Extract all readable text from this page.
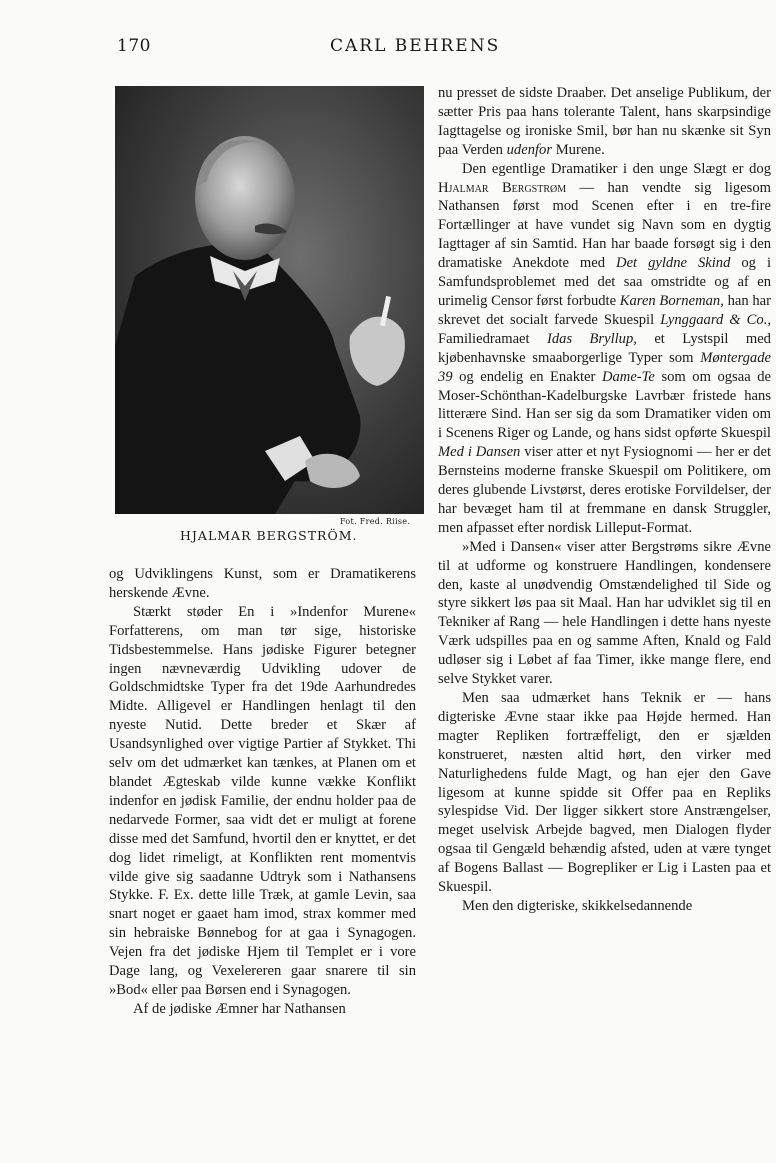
170	CARL BEHRENS
Fot. Fred. Riise.
HJALMAR BERGSTRÖM.

og Udviklingens Kunst, som er Dramatikerens herskende Ævne.

Stærkt støder En i »Indenfor Murene« Forfatterens, om man tør sige, historiske Tidsbestemmelse. Hans jødiske Figurer betegner ingen nævneværdig Udvikling udover de Goldschmidtske Typer fra det 19de Aarhundredes Midte. Alligevel er Handlingen henlagt til den nyeste Nutid. Dette breder et Skær af Usandsynlighed over vigtige Partier af Stykket. Thi selv om det udmærket kan tænkes, at Planen om et blandet Ægteskab vilde kunne vække Konflikt indenfor en jødisk Familie, der endnu holder paa de nedarvede Former, saa vidt det er muligt at forene disse med det Samfund, hvortil den er knyttet, er det dog lidet rimeligt, at Konflikten rent momentvis vilde give sig saadanne Udtryk som i Nathansens Stykke. F. Ex. dette lille Træk, at gamle Levin, saa snart noget er gaaet ham imod, strax kommer med sin hebraiske Bønnebog for at gaa i Synagogen. Vejen fra det jødiske Hjem til Templet er i vore Dage lang, og Vexelereren gaar snarere til sin »Bod« eller paa Børsen end i Synagogen.

Af de jødiske Æmner har Nathansen

nu presset de sidste Draaber. Det anselige Publikum, der sætter Pris paa hans tolerante Talent, hans skarpsindige Iagttagelse og ironiske Smil, bør han nu skænke sit Syn paa Verden udenfor Murene.

Den egentlige Dramatiker i den unge Slægt er dog Hjalmar Bergstrøm — han vendte sig ligesom Nathansen først mod Scenen efter i en tre-fire Fortællinger at have vundet sig Navn som en dygtig Iagttager af sin Samtid. Han har baade forsøgt sig i den dramatiske Anekdote med Det gyldne Skind og i Samfundsproblemet med det saa omstridte og af en urimelig Censor først forbudte Karen Borneman, han har skrevet det socialt farvede Skuespil Lynggaard & Co., Familiedramaet Idas Bryllup, et Lystspil med kjøbenhavnske smaaborgerlige Typer som Møntergade 39 og endelig en Enakter Dame-Te som om ogsaa de Moser-Schönthan-Kadelburgske Lavrbær fristede hans litterære Sind. Han ser sig da som Dramatiker viden om i Scenens Riger og Lande, og hans sidst opførte Skuespil Med i Dansen viser atter et nyt Fysiognomi — her er det Bernsteins moderne franske Skuespil om Politikere, om deres glubende Livstørst, deres erotiske Forvildelser, der har bevæget ham til at fremmane en dansk Struggler, men afpasset efter nordisk Lilleput-Format.

»Med i Dansen« viser atter Bergstrøms sikre Ævne til at udforme og konstruere Handlingen, kondensere den, kaste al unødvendig Omstændelighed til Side og styre sikkert løs paa sit Maal. Han har udviklet sig til en Tekniker af Rang — hele Handlingen i dette hans nyeste Værk udspilles paa en og samme Aften, Knald og Fald udløser sig i Løbet af faa Timer, ikke mange flere, end selve Stykket varer.

Men saa udmærket hans Teknik er — hans digteriske Ævne staar ikke paa Højde hermed. Han magter Repliken fortræffeligt, den er sjælden konstrueret, næsten altid hørt, den virker med Naturlighedens fulde Magt, og han ejer den Gave ligesom at kunne spidde sit Offer paa en Repliks sylespidse Vid. Der ligger sikkert store Anstrængelser, meget uselvisk Arbejde bagved, men Dialogen flyder ogsaa til Gengæld behændig afsted, uden at være tynget af Bogens Ballast — Bogrepliker er Lig i Lasten paa et Skuespil.

Men den digteriske, skikkelsedannende
